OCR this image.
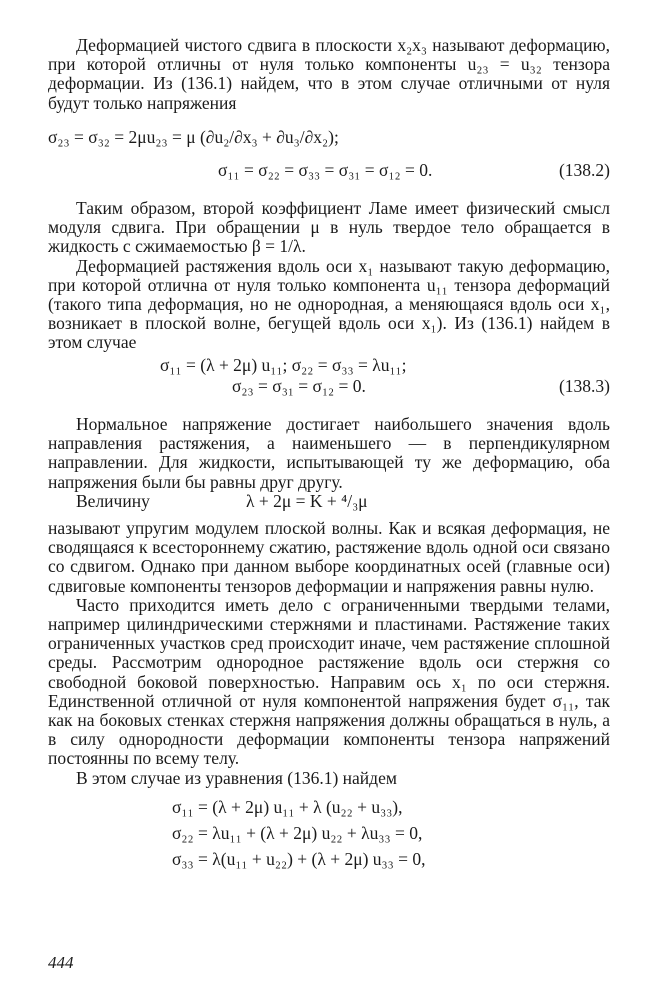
Деформацией чистого сдвига в плоскости x₂x₃ называют деформацию, при которой отличны от нуля только компоненты u₂₃ = u₃₂ тензора деформации. Из (136.1) найдем, что в этом случае отличными от нуля будут только напряжения

σ₂₃ = σ₃₂ = 2μu₂₃ = μ (∂u₂/∂x₃ + ∂u₃/∂x₂);
σ₁₁ = σ₂₂ = σ₃₃ = σ₃₁ = σ₁₂ = 0.	(138.2)

Таким образом, второй коэффициент Ламе имеет физический смысл модуля сдвига. При обращении μ в нуль твердое тело обращается в жидкость с сжимаемостью β = 1/λ.

Деформацией растяжения вдоль оси x₁ называют такую деформацию, при которой отлична от нуля только компонента u₁₁ тензора деформаций (такого типа деформация, но не однородная, а меняющаяся вдоль оси x₁, возникает в плоской волне, бегущей вдоль оси x₁). Из (136.1) найдем в этом случае

σ₁₁ = (λ + 2μ) u₁₁; σ₂₂ = σ₃₃ = λu₁₁;
σ₂₃ = σ₃₁ = σ₁₂ = 0.	(138.3)

Нормальное напряжение достигает наибольшего значения вдоль направления растяжения, а наименьшего — в перпендикулярном направлении. Для жидкости, испытывающей ту же деформацию, оба напряжения были бы равны друг другу.

Величину	λ + 2μ = K + ⁴/₃μ

называют упругим модулем плоской волны. Как и всякая деформация, не сводящаяся к всестороннему сжатию, растяжение вдоль одной оси связано со сдвигом. Однако при данном выборе координатных осей (главные оси) сдвиговые компоненты тензоров деформации и напряжения равны нулю.

Часто приходится иметь дело с ограниченными твердыми телами, например цилиндрическими стержнями и пластинами. Растяжение таких ограниченных участков сред происходит иначе, чем растяжение сплошной среды. Рассмотрим однородное растяжение вдоль оси стержня со свободной боковой поверхностью. Направим ось x₁ по оси стержня. Единственной отличной от нуля компонентой напряжения будет σ₁₁, так как на боковых стенках стержня напряжения должны обращаться в нуль, а в силу однородности деформации компоненты тензора напряжений постоянны по всему телу.

В этом случае из уравнения (136.1) найдем

σ₁₁ = (λ + 2μ) u₁₁ + λ (u₂₂ + u₃₃),
σ₂₂ = λu₁₁ + (λ + 2μ) u₂₂ + λu₃₃ = 0,
σ₃₃ = λ(u₁₁ + u₂₂) + (λ + 2μ) u₃₃ = 0,
444
